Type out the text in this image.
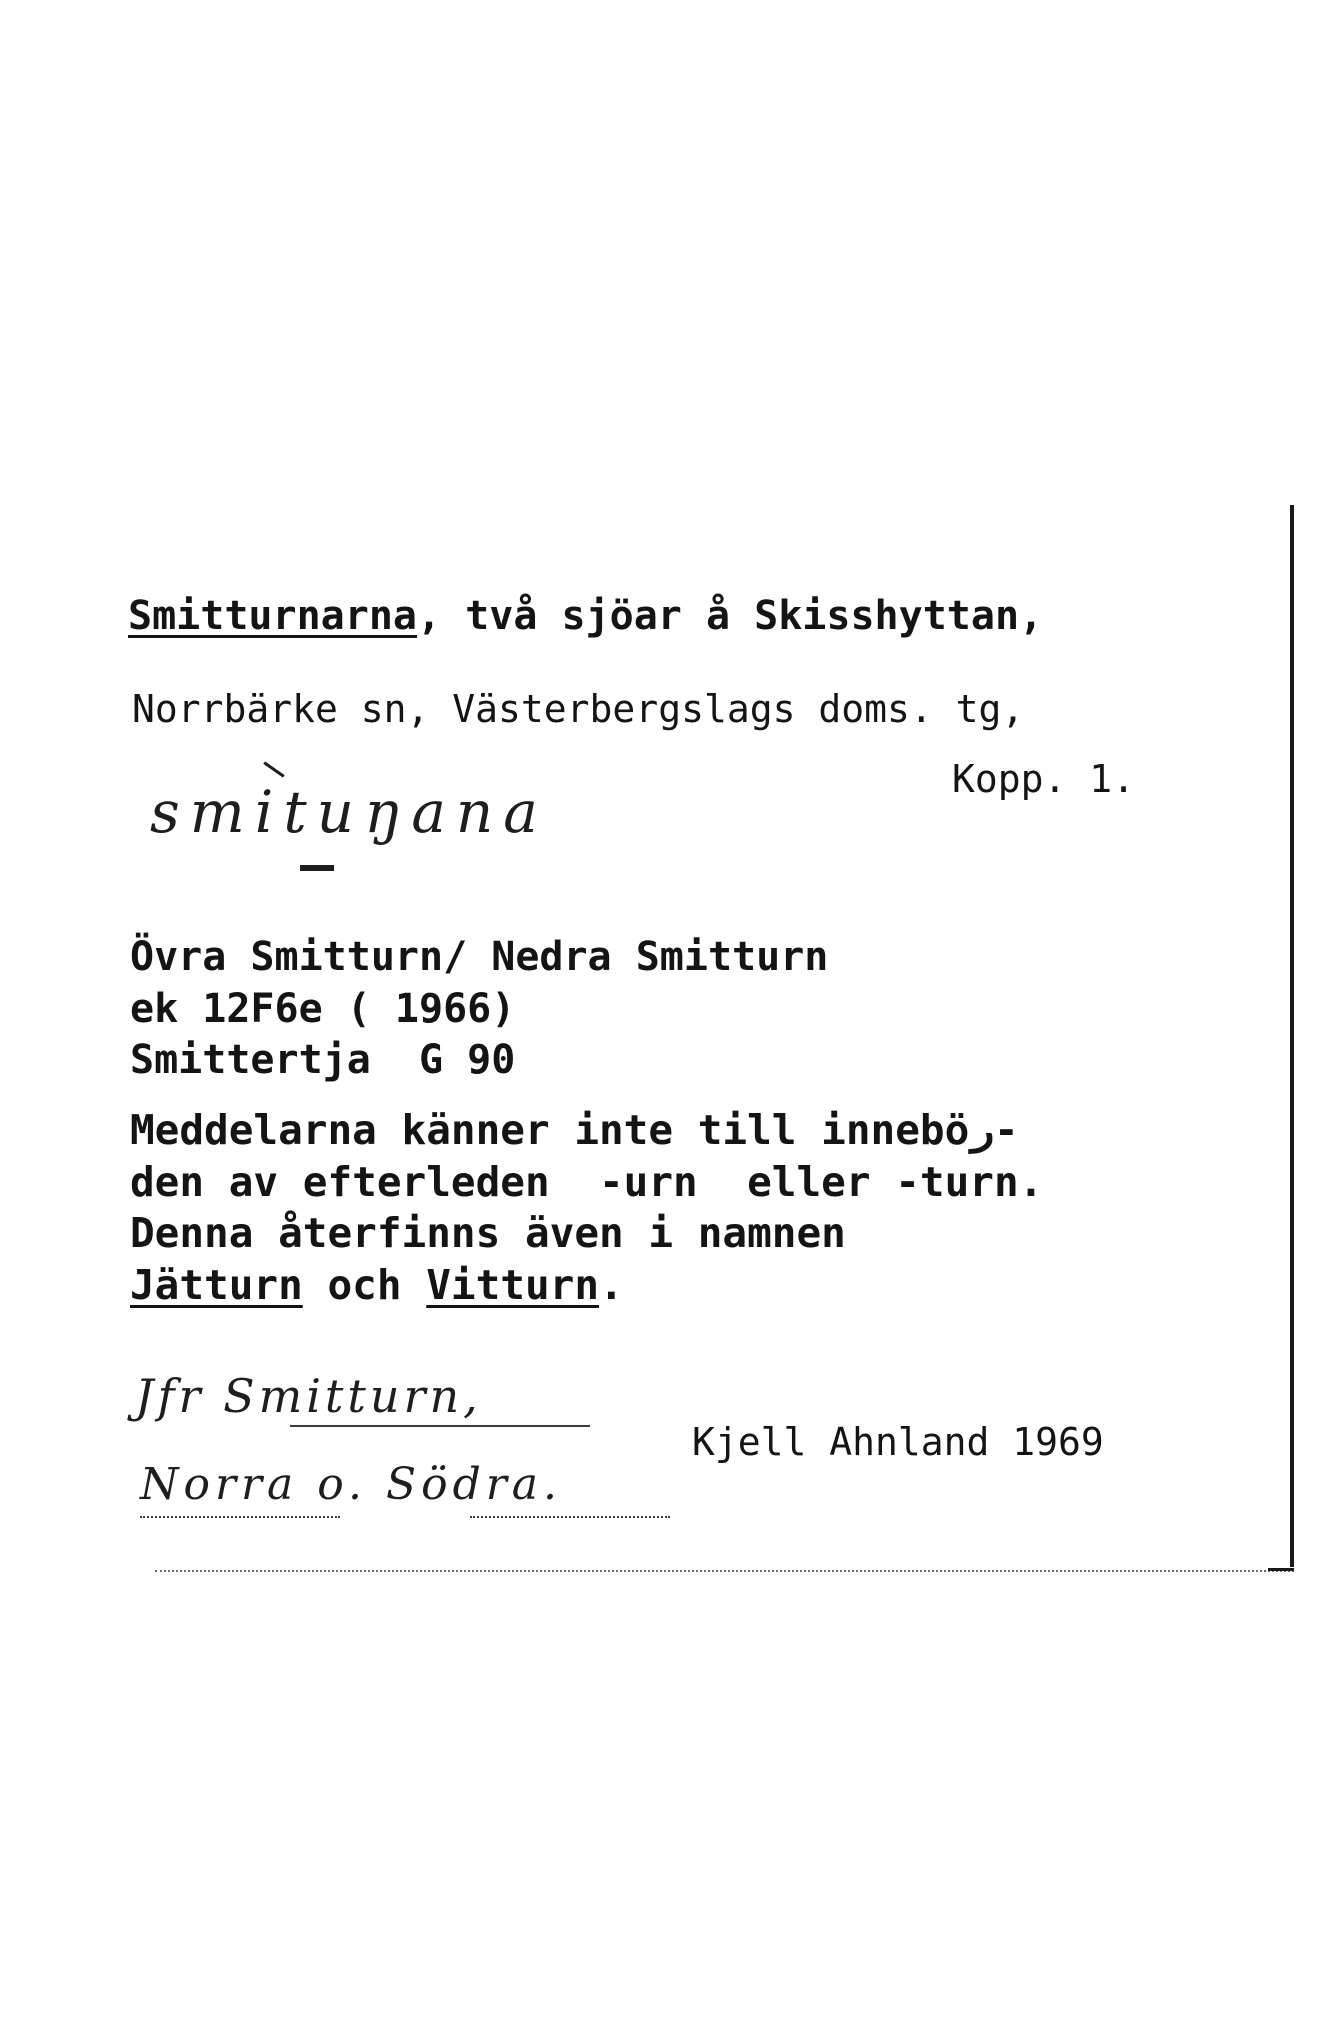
Smitturnarna, två sjöar å Skisshyttan,
Norrbärke sn, Västerbergslags doms. tg,
Kopp. 1.
smituŋana
Övra Smitturn/ Nedra Smitturn
ek 12F6e ( 1966)
Smittertja  G 90
Meddelarna känner inte till inneböر-
den av efterleden  -urn  eller -turn.
Denna återfinns även i namnen
Jätturn och Vitturn.
Jfr Smitturn,
Norra o. Södra.
Kjell Ahnland 1969
